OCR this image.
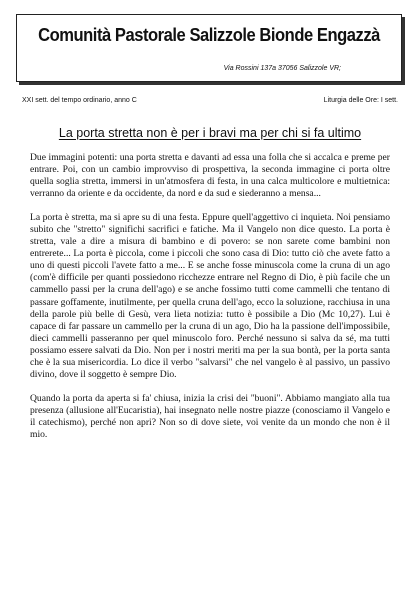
Comunità Pastorale Salizzole Bionde Engazzà
Via Rossini 137a 37056 Salizzole VR;
XXI sett. del tempo ordinario, anno C	Liturgia delle Ore: I sett.
La porta stretta non è per i bravi ma per chi si fa ultimo

Due immagini potenti: una porta stretta e davanti ad essa una folla che si accalca e preme per entrare. Poi, con un cambio improvviso di prospettiva, la seconda immagine ci porta oltre quella soglia stretta, immersi in un'atmosfera di festa, in una calca multicolore e multietnica: verranno da oriente e da occidente, da nord e da sud e siederanno a mensa...

La porta è stretta, ma si apre su di una festa. Eppure quell'aggettivo ci inquieta. Noi pensiamo subito che "stretto" significhi sacrifici e fatiche. Ma il Vangelo non dice questo. La porta è stretta, vale a dire a misura di bambino e di povero: se non sarete come bambini non entrerete... La porta è piccola, come i piccoli che sono casa di Dio: tutto ciò che avete fatto a uno di questi piccoli l'avete fatto a me... E se anche fosse minuscola come la cruna di un ago (com'è difficile per quanti possiedono ricchezze entrare nel Regno di Dio, è più facile che un cammello passi per la cruna dell'ago) e se anche fossimo tutti come cammelli che tentano di passare goffamente, inutilmente, per quella cruna dell'ago, ecco la soluzione, racchiusa in una della parole più belle di Gesù, vera lieta notizia: tutto è possibile a Dio (Mc 10,27). Lui è capace di far passare un cammello per la cruna di un ago, Dio ha la passione dell'impossibile, dieci cammelli passeranno per quel minuscolo foro. Perché nessuno si salva da sé, ma tutti possiamo essere salvati da Dio. Non per i nostri meriti ma per la sua bontà, per la porta santa che è la sua misericordia. Lo dice il verbo "salvarsi" che nel vangelo è al passivo, un passivo divino, dove il soggetto è sempre Dio.

Quando la porta da aperta si fa' chiusa, inizia la crisi dei "buoni". Abbiamo mangiato alla tua presenza (allusione all'Eucaristia), hai insegnato nelle nostre piazze (conosciamo il Vangelo e il catechismo), perché non apri? Non so di dove siete, voi venite da un mondo che non è il mio.
